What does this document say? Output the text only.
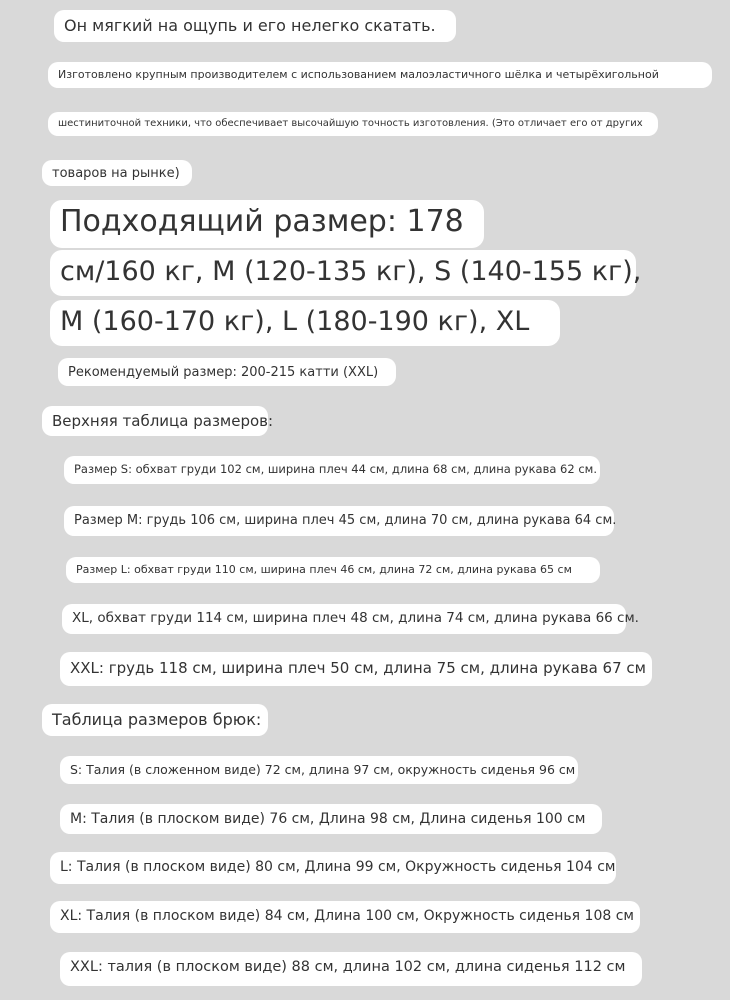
Он мягкий на ощупь и его нелегко скатать.
Изготовлено крупным производителем с использованием малоэластичного шёлка и четырёхигольной
шестиниточной техники, что обеспечивает высочайшую точность изготовления. (Это отличает его от других
товаров на рынке)
Подходящий размер: 178
см/160 кг, M (120-135 кг), S (140-155 кг),
M (160-170 кг), L (180-190 кг), XL
Рекомендуемый размер: 200-215 катти (XXL)
Верхняя таблица размеров:
Размер S: обхват груди 102 см, ширина плеч 44 см, длина 68 см, длина рукава 62 см.
Размер M: грудь 106 см, ширина плеч 45 см, длина 70 см, длина рукава 64 см.
Размер L: обхват груди 110 см, ширина плеч 46 см, длина 72 см, длина рукава 65 см
XL, обхват груди 114 см, ширина плеч 48 см, длина 74 см, длина рукава 66 см.
XXL: грудь 118 см, ширина плеч 50 см, длина 75 см, длина рукава 67 см
Таблица размеров брюк:
S: Талия (в сложенном виде) 72 см, длина 97 см, окружность сиденья 96 см
M: Талия (в плоском виде) 76 см, Длина 98 см, Длина сиденья 100 см
L: Талия (в плоском виде) 80 см, Длина 99 см, Окружность сиденья 104 см
XL: Талия (в плоском виде) 84 см, Длина 100 см, Окружность сиденья 108 см
XXL: талия (в плоском виде) 88 см, длина 102 см, длина сиденья 112 см
